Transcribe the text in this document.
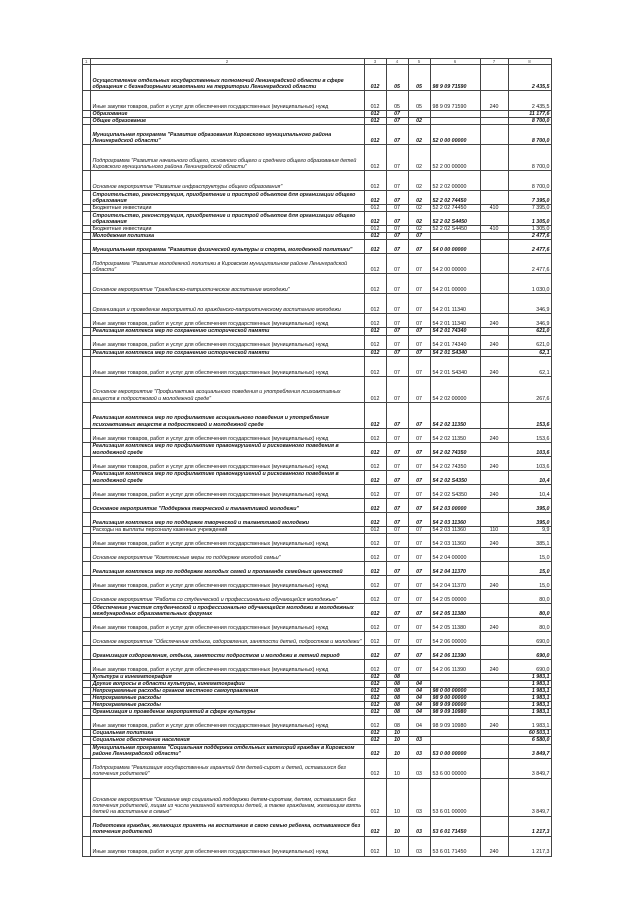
1	2	3	4	5	6	7	8
	Осуществление отдельных государственных полномочий Ленинградской области в сфере обращения с безнадзорными животными на территории Ленинградской области	012	05	05	98 9 09 71590		2 435,5
	Иные закупки товаров, работ и услуг для обеспечения государственных (муниципальных) нужд	012	05	05	98 9 09 71590	240	2 435,5
	Образование	012	07				11 177,6
	Общее образование	012	07	02			8 700,0
	Муниципальная программа "Развитие образования Кировского муниципального района Ленинградской области"	012	07	02	52 0 00 00000		8 700,0
	Подпрограмма "Развитие начального общего, основного общего и среднего общего образования детей Кировского муниципального района Ленинградской области"	012	07	02	52 2 00 00000		8 700,0
	Основное мероприятие "Развитие инфраструктуры общего образования"	012	07	02	52 2 02 00000		8 700,0
	Строительство, реконструкция, приобретение и пристрой объектов для организации общего образования	012	07	02	52 2 02 74450		7 395,0
	Бюджетные инвестиции	012	07	02	52 2 02 74450	410	7 395,0
	Строительство, реконструкция, приобретение и пристрой объектов для организации общего образования	012	07	02	52 2 02 S4450		1 305,0
	Бюджетные инвестиции	012	07	02	52 2 02 S4450	410	1 305,0
	Молодежная политика	012	07	07			2 477,6
	Муниципальная программа "Развитие физической культуры и спорта, молодежной политики"	012	07	07	54 0 00 00000		2 477,6
	Подпрограмма "Развитие молодежной политики в Кировском муниципальном районе Ленинградской области"	012	07	07	54 2 00 00000		2 477,6
	Основное мероприятие "Гражданско-патриотическое воспитание молодежи"	012	07	07	54 2 01 00000		1 030,0
	Организация и проведение мероприятий по гражданско-патриотическому воспитанию молодежи	012	07	07	54 2 01 11340		346,9
	Иные закупки товаров, работ и услуг для обеспечения государственных (муниципальных) нужд	012	07	07	54 2 01 11340	240	346,9
	Реализация комплекса мер по сохранению исторической памяти	012	07	07	54 2 01 74340		621,0
	Иные закупки товаров, работ и услуг для обеспечения государственных (муниципальных) нужд	012	07	07	54 2 01 74340	240	621,0
	Реализация комплекса мер по сохранению исторической памяти	012	07	07	54 2 01 S4340		62,1
	Иные закупки товаров, работ и услуг для обеспечения государственных (муниципальных) нужд	012	07	07	54 2 01 S4340	240	62,1
	Основное мероприятие "Профилактика асоциального поведения и употребления психоактивных веществ в подростковой и молодежной среде"	012	07	07	54 2 02 00000		267,6
	Реализация комплекса мер по профилактике асоциального поведения и употребления психоактивных веществ в подростковой и молодежной среде	012	07	07	54 2 02 11350		153,6
	Иные закупки товаров, работ и услуг для обеспечения государственных (муниципальных) нужд	012	07	07	54 2 02 11350	240	153,6
	Реализация комплекса мер по профилактике правонарушений и рискованного поведения в молодежной среде	012	07	07	54 2 02 74350		103,6
	Иные закупки товаров, работ и услуг для обеспечения государственных (муниципальных) нужд	012	07	07	54 2 02 74350	240	103,6
	Реализация комплекса мер по профилактике правонарушений и рискованного поведения в молодежной среде	012	07	07	54 2 02 S4350		10,4
	Иные закупки товаров, работ и услуг для обеспечения государственных (муниципальных) нужд	012	07	07	54 2 02 S4350	240	10,4
	Основное мероприятие "Поддержка творческой и талантливой молодежи"	012	07	07	54 2 03 00000		395,0
	Реализация комплекса мер по поддержке творческой и талантливой молодежи	012	07	07	54 2 03 11360		395,0
	Расходы на выплаты персоналу казенных учреждений	012	07	07	54 2 03 11360	110	9,9
	Иные закупки товаров, работ и услуг для обеспечения государственных (муниципальных) нужд	012	07	07	54 2 03 11360	240	385,1
	Основное мероприятие "Комплексные меры по поддержке молодой семьи"	012	07	07	54 2 04 00000		15,0
	Реализация комплекса мер по поддержке молодых семей и пропаганде семейных ценностей	012	07	07	54 2 04 11370		15,0
	Иные закупки товаров, работ и услуг для обеспечения государственных (муниципальных) нужд	012	07	07	54 2 04 11370	240	15,0
	Основное мероприятие "Работа со студенческой и профессионально обучающейся молодежью"	012	07	07	54 2 05 00000		80,0
	Обеспечение участия студенческой и профессионально обучающейся молодежи в молодежных международных образовательных форумах	012	07	07	54 2 05 11380		80,0
	Иные закупки товаров, работ и услуг для обеспечения государственных (муниципальных) нужд	012	07	07	54 2 05 11380	240	80,0
	Основное мероприятие "Обеспечение отдыха, оздоровления, занятости детей, подростков и молодежи"	012	07	07	54 2 06 00000		690,0
	Организация оздоровления, отдыха, занятости подростков и молодежи в летний период	012	07	07	54 2 06 11390		690,0
	Иные закупки товаров, работ и услуг для обеспечения государственных (муниципальных) нужд	012	07	07	54 2 06 11390	240	690,0
	Культура и кинематография	012	08				1 983,1
	Другие вопросы в области культуры, кинематографии	012	08	04			1 983,1
	Непрограммные расходы органов местного самоуправления	012	08	04	98 0 00 00000		1 983,1
	Непрограммные расходы	012	08	04	98 9 00 00000		1 983,1
	Непрограммные расходы	012	08	04	98 9 09 00000		1 983,1
	Организация и проведение мероприятий в сфере культуры	012	08	04	98 9 09 10980		1 983,1
	Иные закупки товаров, работ и услуг для обеспечения государственных (муниципальных) нужд	012	08	04	98 9 09 10980	240	1 983,1
	Социальная политика	012	10				60 503,1
	Социальное обеспечение населения	012	10	03			6 580,0
	Муниципальная программа "Социальная поддержка отдельных категорий граждан в Кировском районе Ленинградской области"	012	10	03	53 0 00 00000		3 849,7
	Подпрограмма "Реализация государственных гарантий для детей-сирот и детей, оставшихся без попечения родителей"	012	10	03	53 6 00 00000		3 849,7
	Основное мероприятие "Оказание мер социальной поддержки детям-сиротам, детям, оставшимся без попечения родителей, лицам из числа указанной категории детей, а также гражданам, желающим взять детей на воспитание в семью"	012	10	03	53 6 01 00000		3 849,7
	Подготовка граждан, желающих принять на воспитание в свою семью ребенка, оставшегося без попечения родителей	012	10	03	53 6 01 71450		1 217,3
	Иные закупки товаров, работ и услуг для обеспечения государственных (муниципальных) нужд	012	10	03	53 6 01 71450	240	1 217,3
